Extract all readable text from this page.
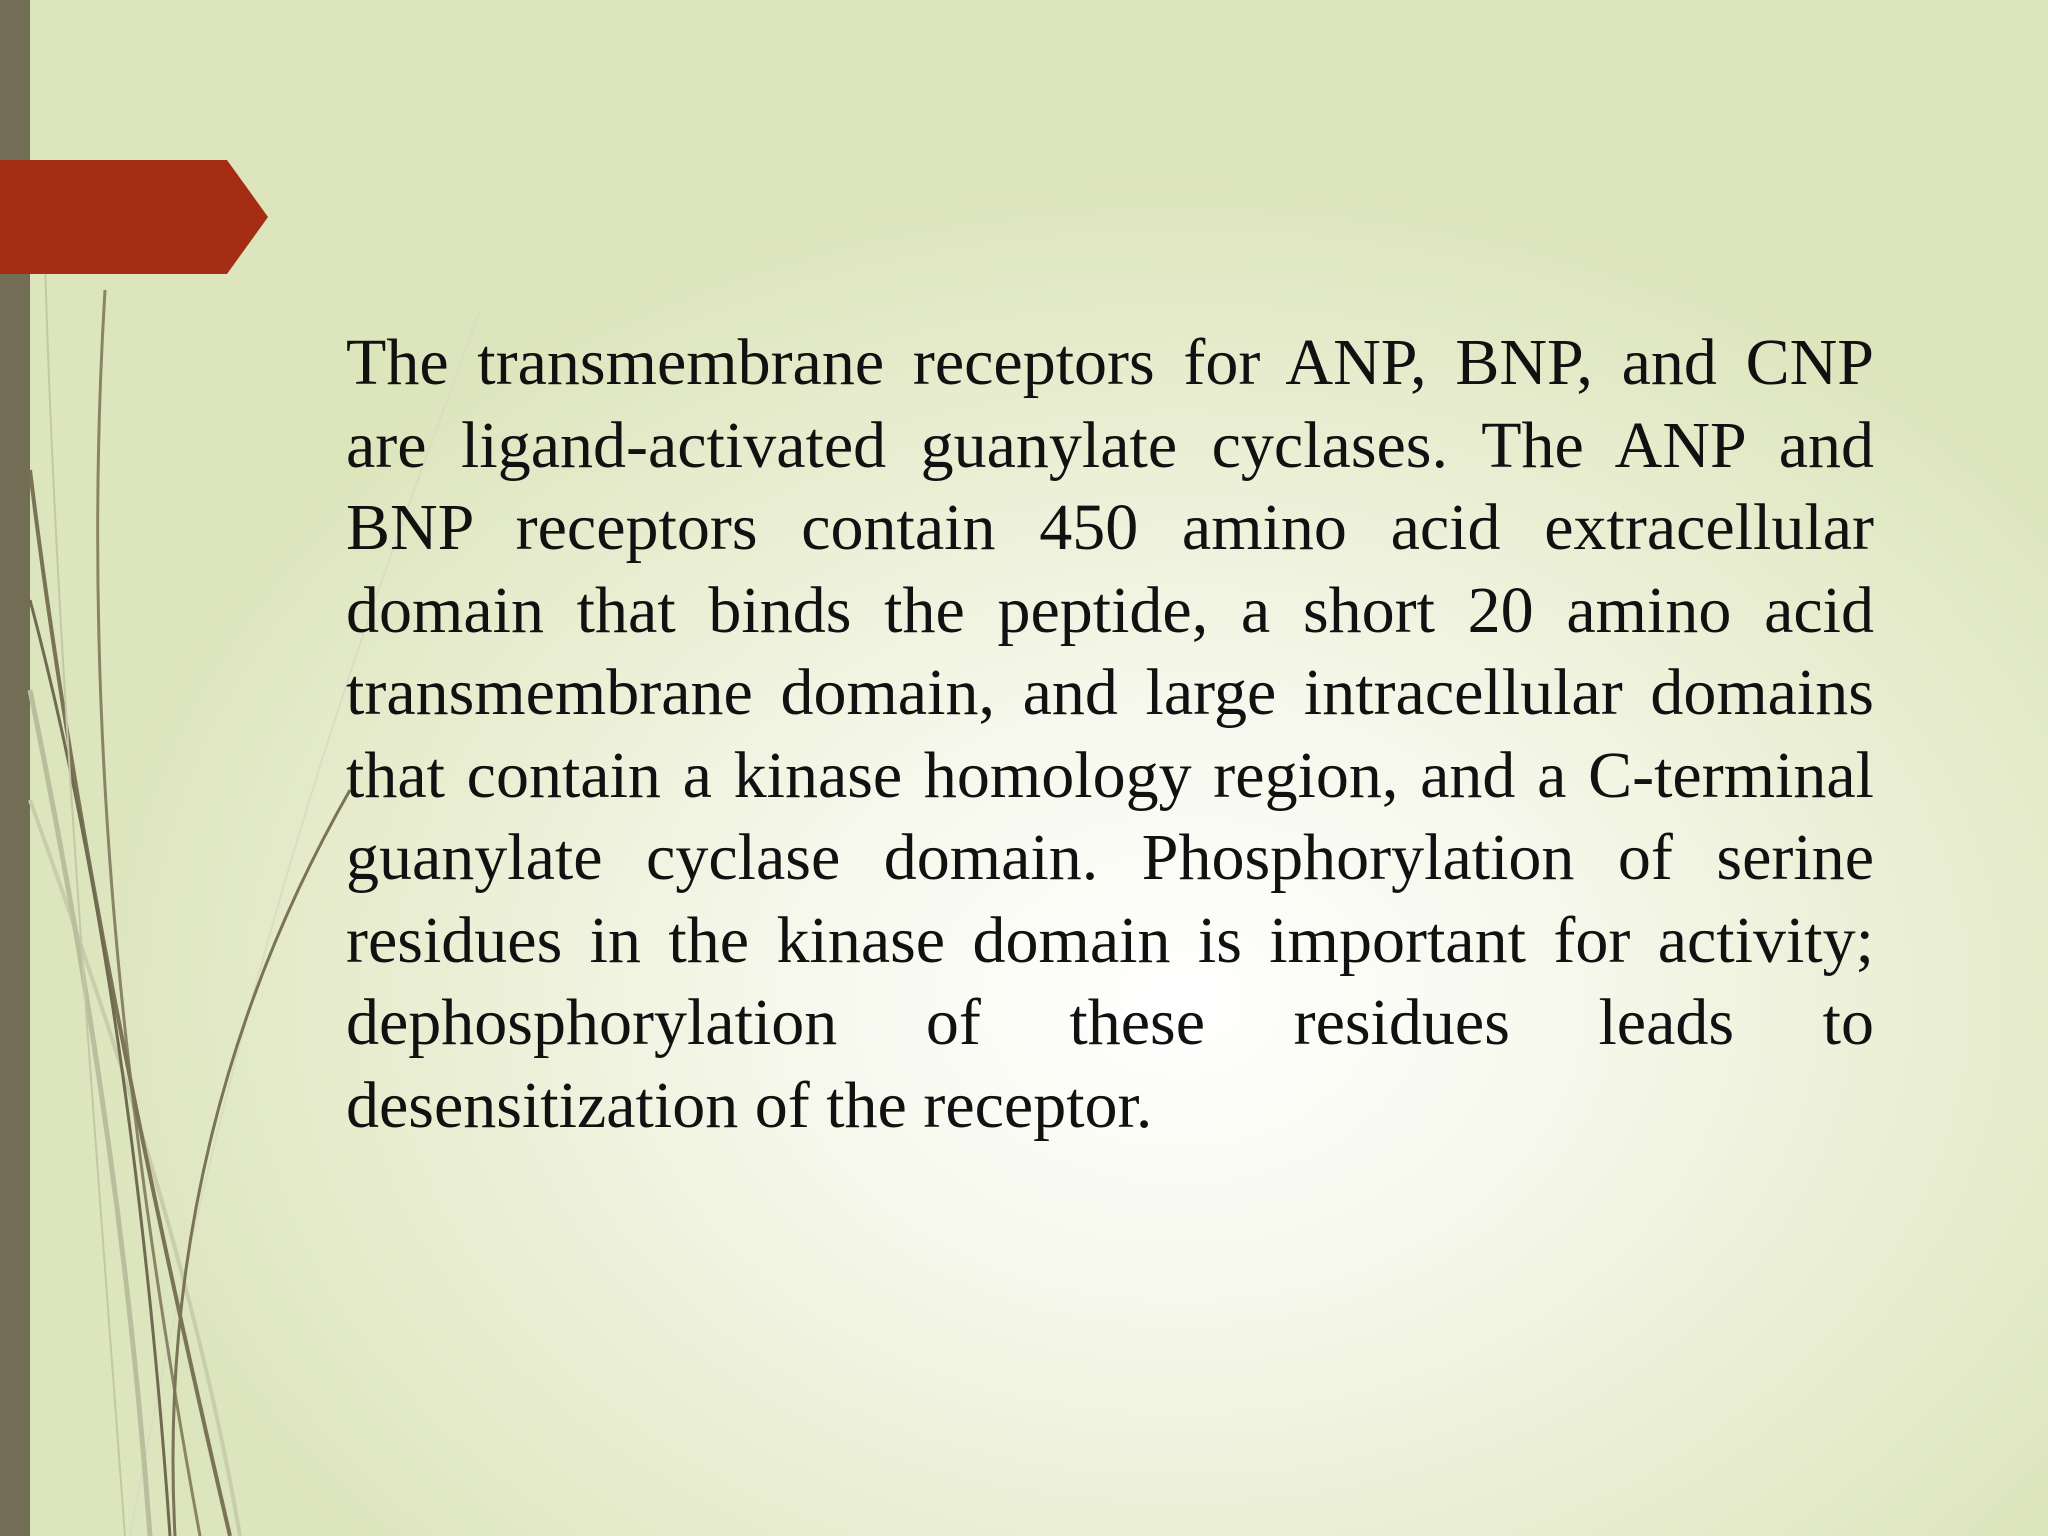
The transmembrane receptors for ANP, BNP, and CNP are ligand-activated guanylate cyclases. The ANP and BNP receptors contain 450 amino acid extracellular domain that binds the peptide, a short 20 amino acid transmembrane domain, and large intracellular domains that contain a kinase homology region, and a C-terminal guanylate cyclase domain. Phosphorylation of serine residues in the kinase domain is important for activity; dephosphorylation of these residues leads to desensitization of the receptor.
